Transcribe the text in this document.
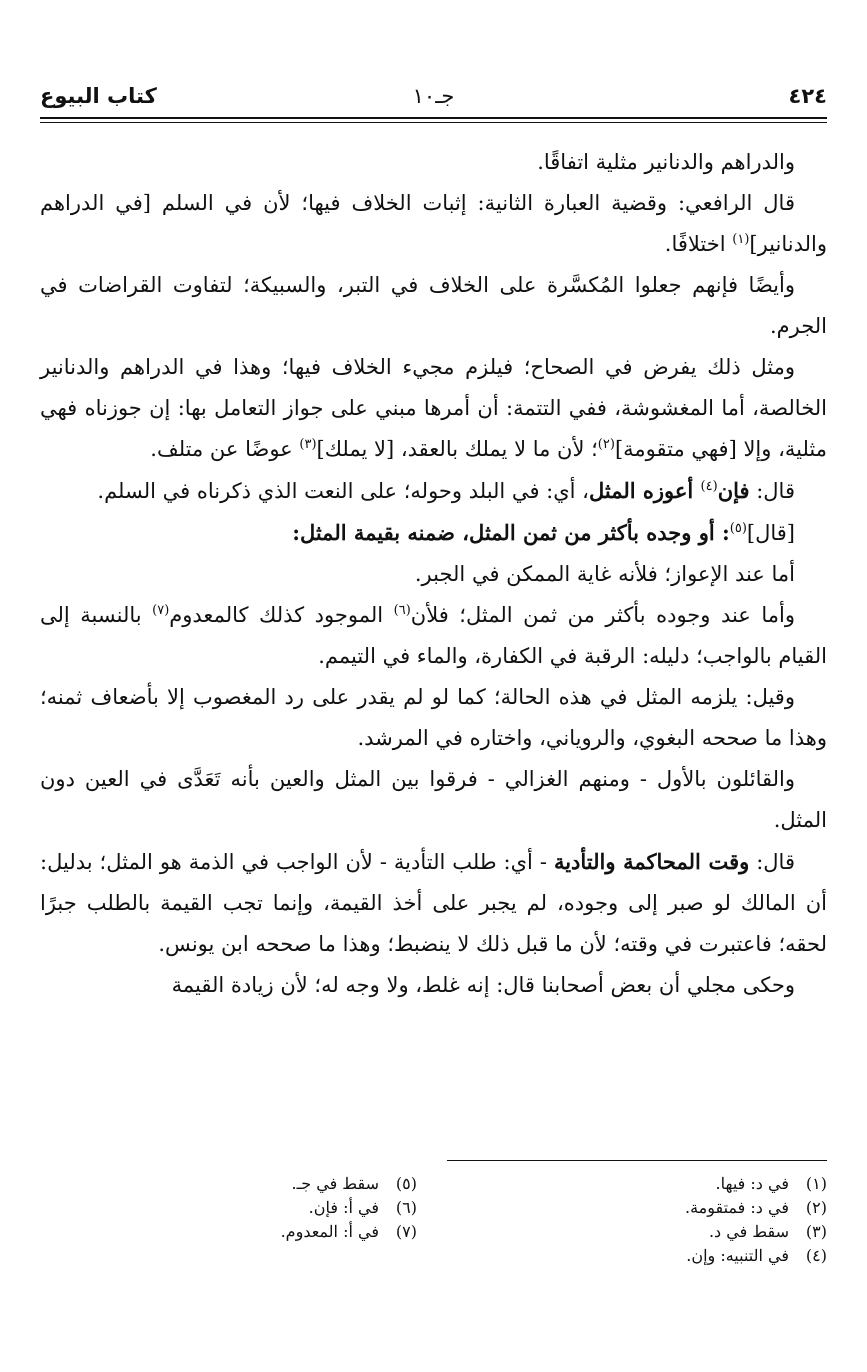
٤٢٤
جـ١٠
كتاب البيوع

والدراهم والدنانير مثلية اتفاقًا.

قال الرافعي: وقضية العبارة الثانية: إثبات الخلاف فيها؛ لأن في السلم [في الدراهم والدنانير]$^{(١)}$ اختلافًا.

وأيضًا فإنهم جعلوا المُكسَّرة على الخلاف في التبر، والسبيكة؛ لتفاوت القراضات في الجرم.

ومثل ذلك يفرض في الصحاح؛ فيلزم مجيء الخلاف فيها؛ وهذا في الدراهم والدنانير الخالصة، أما المغشوشة، ففي التتمة: أن أمرها مبني على جواز التعامل بها: إن جوزناه فهي مثلية، وإلا [فهي متقومة]$^{(٢)}$؛ لأن ما لا يملك بالعقد، [لا يملك]$^{(٣)}$ عوضًا عن متلف.

قال: فإن$^{(٤)}$ أعوزه المثل، أي: في البلد وحوله؛ على النعت الذي ذكرناه في السلم.

[قال]$^{(٥)}$: أو وجده بأكثر من ثمن المثل، ضمنه بقيمة المثل:

أما عند الإعواز؛ فلأنه غاية الممكن في الجبر.

وأما عند وجوده بأكثر من ثمن المثل؛ فلأن$^{(٦)}$ الموجود كذلك كالمعدوم$^{(٧)}$ بالنسبة إلى القيام بالواجب؛ دليله: الرقبة في الكفارة، والماء في التيمم.

وقيل: يلزمه المثل في هذه الحالة؛ كما لو لم يقدر على رد المغصوب إلا بأضعاف ثمنه؛ وهذا ما صححه البغوي، والروياني، واختاره في المرشد.

والقائلون بالأول - ومنهم الغزالي - فرقوا بين المثل والعين بأنه تَعَدَّى في العين دون المثل.

قال: وقت المحاكمة والتأدية - أي: طلب التأدية - لأن الواجب في الذمة هو المثل؛ بدليل: أن المالك لو صبر إلى وجوده، لم يجبر على أخذ القيمة، وإنما تجب القيمة بالطلب جبرًا لحقه؛ فاعتبرت في وقته؛ لأن ما قبل ذلك لا ينضبط؛ وهذا ما صححه ابن يونس.

وحكى مجلي أن بعض أصحابنا قال: إنه غلط، ولا وجه له؛ لأن زيادة القيمة

(١)
في د: فيها.
(٢)
في د: فمتقومة.
(٣)
سقط في د.
(٤)
في التنبيه: وإن.
(٥)
سقط في جـ.
(٦)
في أ: فإن.
(٧)
في أ: المعدوم.
